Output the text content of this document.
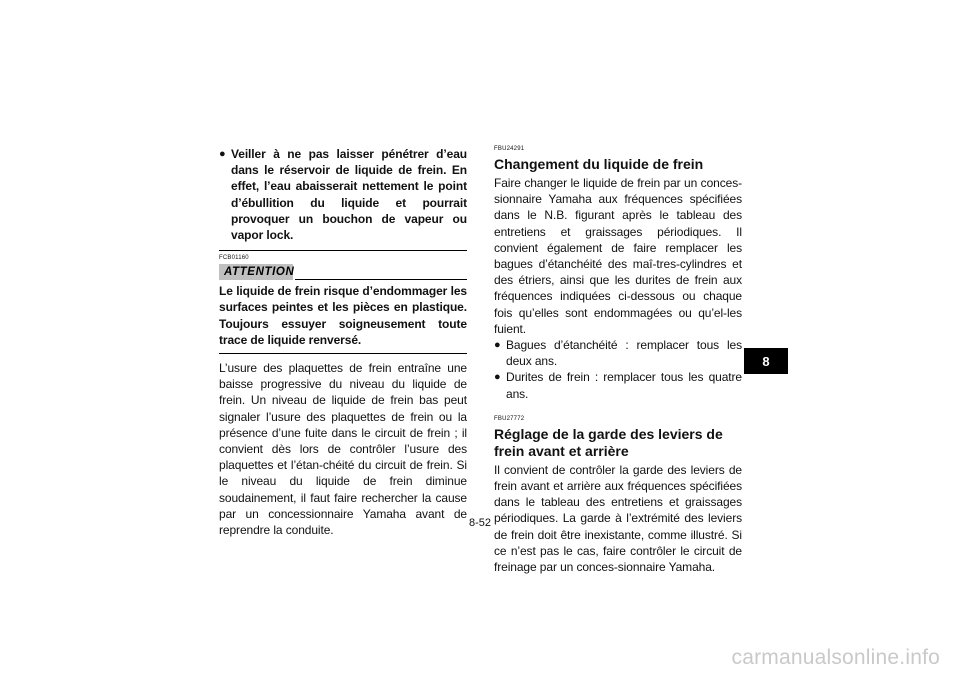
● Veiller à ne pas laisser pénétrer d’eau dans le réservoir de liquide de frein. En effet, l’eau abaisserait nettement le point d’ébullition du liquide et pourrait provoquer un bouchon de vapeur ou vapor lock.

FCB01160
ATTENTION

Le liquide de frein risque d’endommager les surfaces peintes et les pièces en plastique. Toujours essuyer soigneusement toute trace de liquide renversé.

L’usure des plaquettes de frein entraîne une baisse progressive du niveau du liquide de frein. Un niveau de liquide de frein bas peut signaler l’usure des plaquettes de frein ou la présence d’une fuite dans le circuit de frein ; il convient dès lors de contrôler l’usure des plaquettes et l’étan-chéité du circuit de frein. Si le niveau du liquide de frein diminue soudainement, il faut faire rechercher la cause par un concessionnaire Yamaha avant de reprendre la conduite.

FBU24291
Changement du liquide de frein

Faire changer le liquide de frein par un conces-sionnaire Yamaha aux fréquences spécifiées dans le N.B. figurant après le tableau des entretiens et graissages périodiques. Il convient également de faire remplacer les bagues d’étanchéité des maî-tres-cylindres et des étriers, ainsi que les durites de frein aux fréquences indiquées ci-dessous ou chaque fois qu’elles sont endommagées ou qu’el-les fuient.

● Bagues d’étanchéité : remplacer tous les deux ans.

● Durites de frein : remplacer tous les quatre ans.

FBU27772
Réglage de la garde des leviers de frein avant et arrière

Il convient de contrôler la garde des leviers de frein avant et arrière aux fréquences spécifiées dans le tableau des entretiens et graissages périodiques. La garde à l’extrémité des leviers de frein doit être inexistante, comme illustré. Si ce n’est pas le cas, faire contrôler le circuit de freinage par un conces-sionnaire Yamaha.

8
8-52
carmanualsonline.info
